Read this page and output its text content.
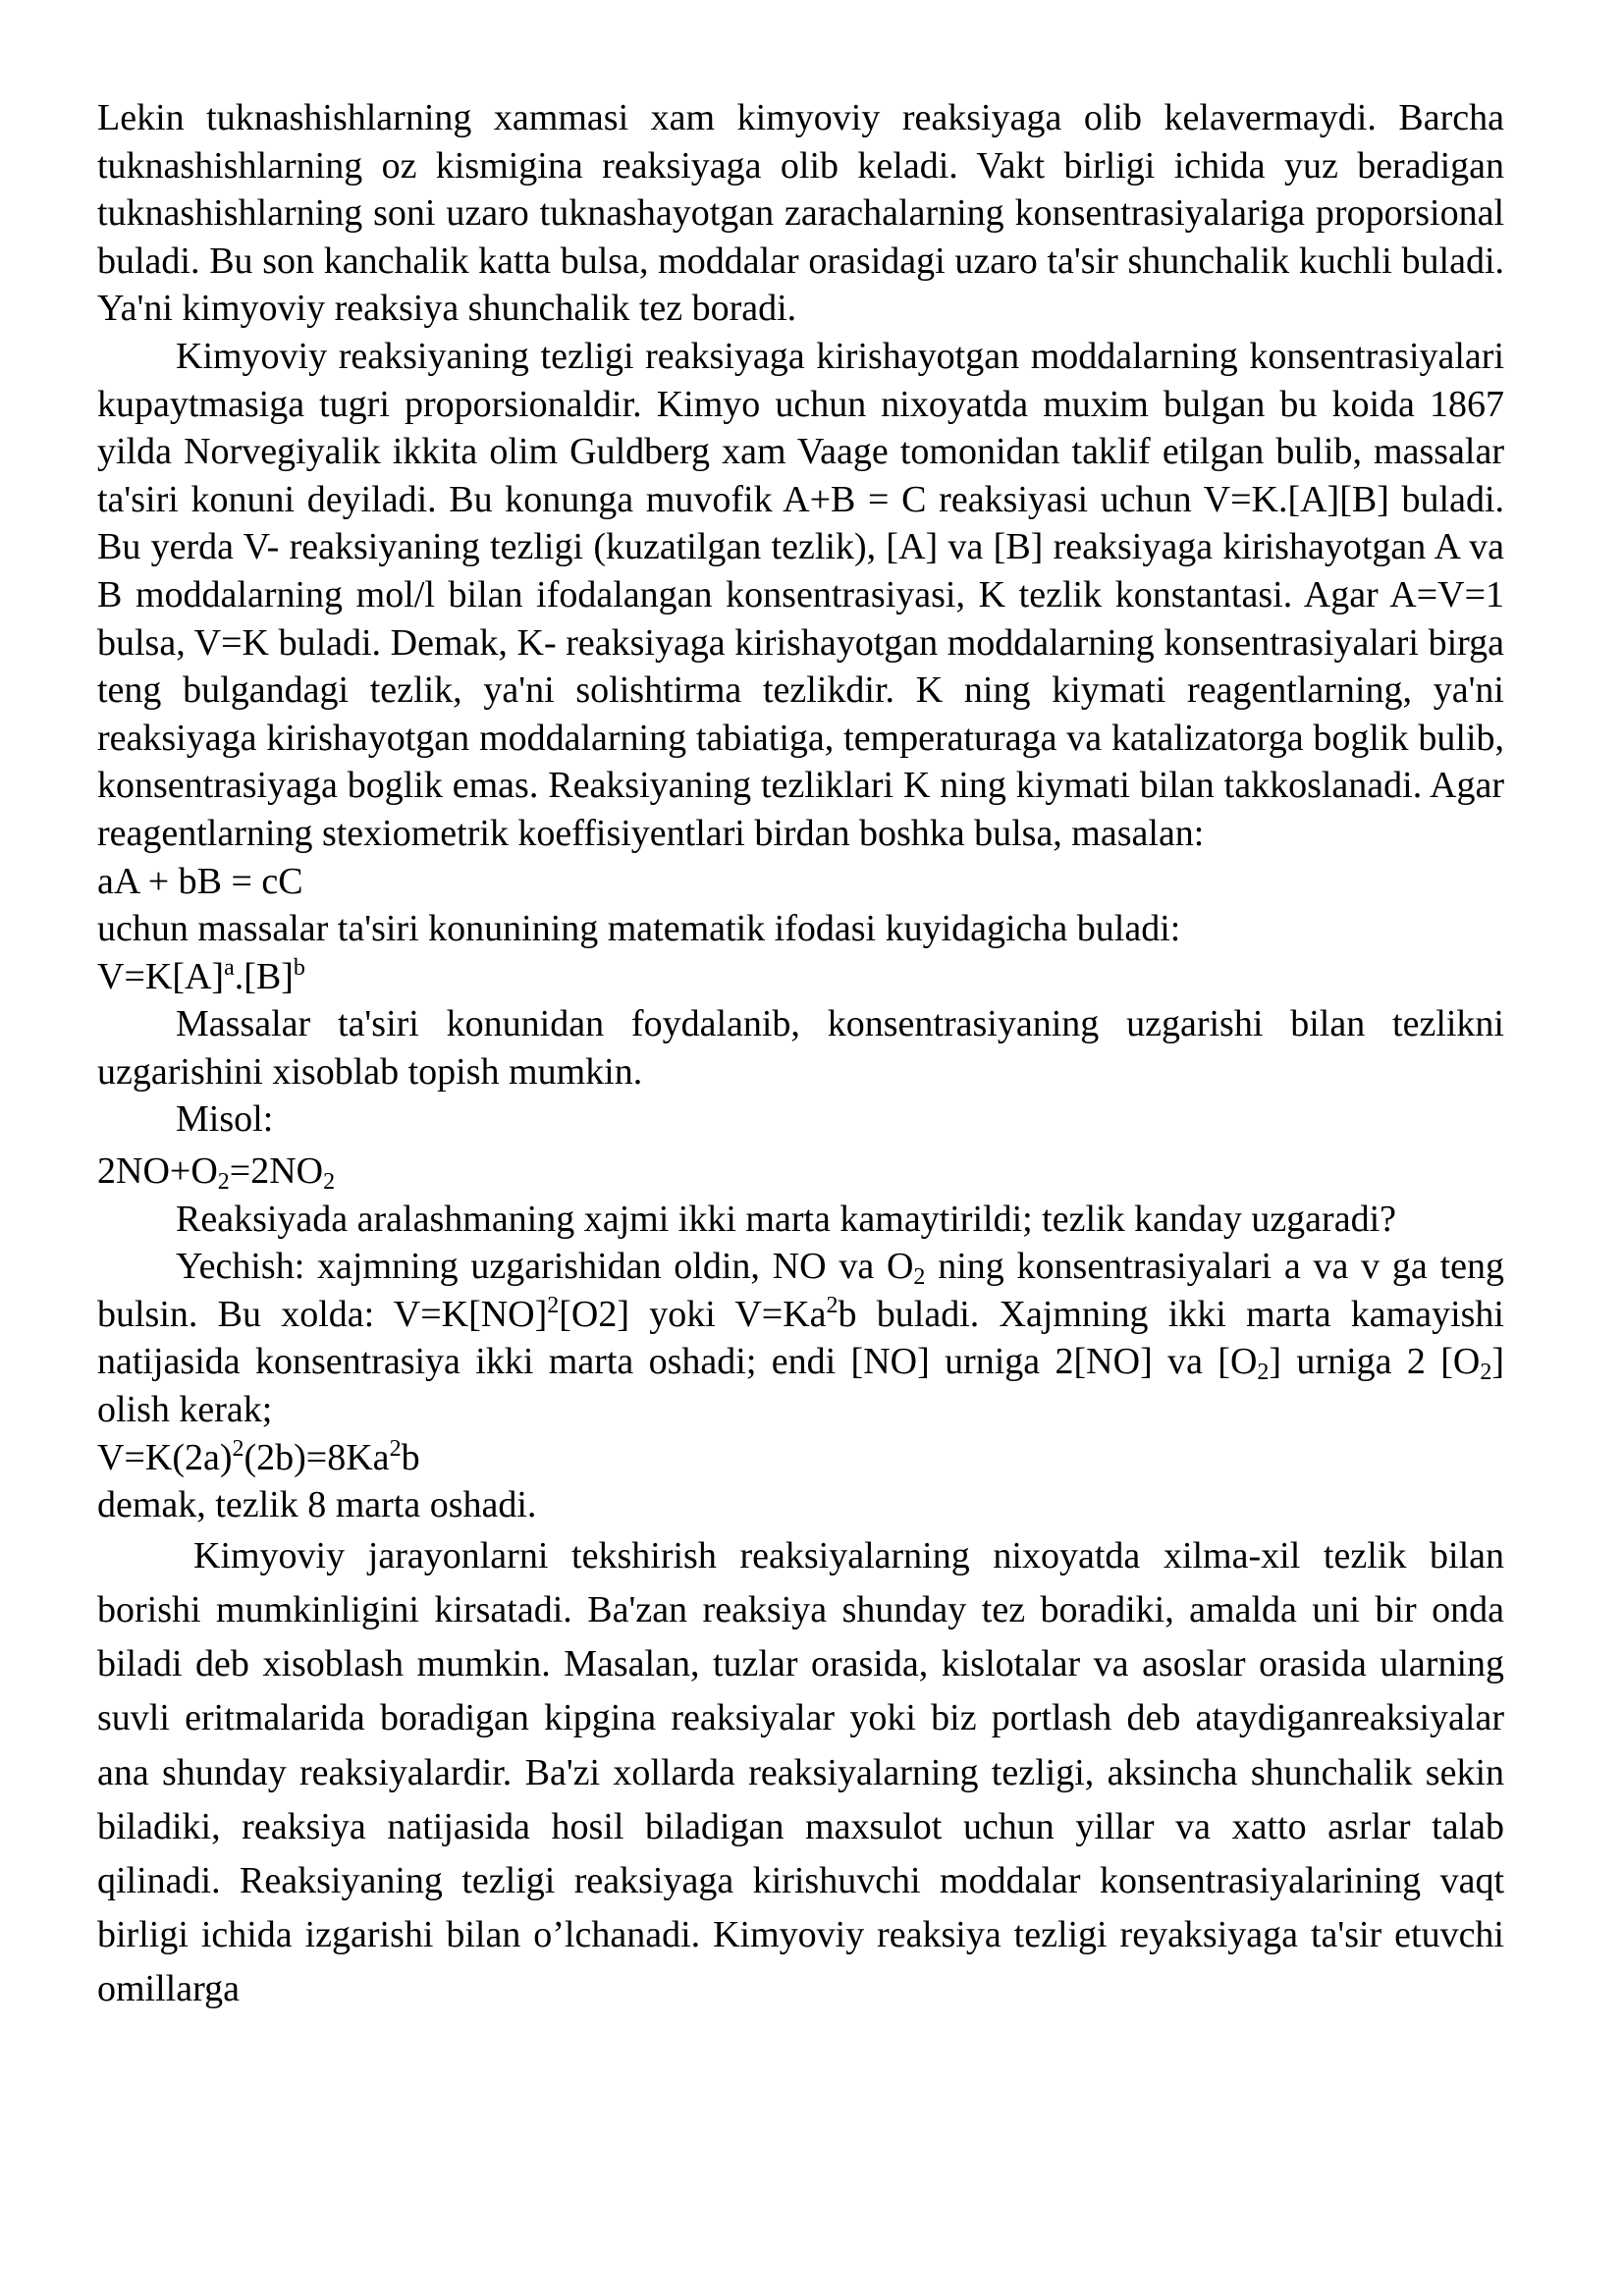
Lekin tuknashishlarning xammasi xam kimyoviy reaksiyaga olib kelavermaydi. Barcha tuknashishlarning oz kismigina reaksiyaga olib keladi. Vakt birligi ichida yuz beradigan tuknashishlarning soni uzaro tuknashayotgan zarachalarning konsentrasiyalariga proporsional buladi. Bu son kanchalik katta bulsa, moddalar orasidagi uzaro ta'sir shunchalik kuchli buladi. Ya'ni kimyoviy reaksiya shunchalik tez boradi.

Kimyoviy reaksiyaning tezligi reaksiyaga kirishayotgan moddalarning konsentrasiyalari kupaytmasiga tugri proporsionaldir. Kimyo uchun nixoyatda muxim bulgan bu koida 1867 yilda Norvegiyalik ikkita olim Guldberg xam Vaage tomonidan taklif etilgan bulib, massalar ta'siri konuni deyiladi. Bu konunga muvofik A+B = C reaksiyasi uchun V=K.[A][B] buladi. Bu yerda V- reaksiyaning tezligi (kuzatilgan tezlik), [A] va [B] reaksiyaga kirishayotgan A va B moddalarning mol/l bilan ifodalangan konsentrasiyasi, K tezlik konstantasi. Agar A=V=1 bulsa, V=K buladi. Demak, K- reaksiyaga kirishayotgan moddalarning konsentrasiyalari birga teng bulgandagi tezlik, ya'ni solishtirma tezlikdir. K ning kiymati reagentlarning, ya'ni reaksiyaga kirishayotgan moddalarning tabiatiga, temperaturaga va katalizatorga boglik bulib, konsentrasiyaga boglik emas. Reaksiyaning tezliklari K ning kiymati bilan takkoslanadi. Agar reagentlarning stexiometrik koeffisiyentlari birdan boshka bulsa, masalan:

aA + bB = cC

uchun massalar ta'siri konunining matematik ifodasi kuyidagicha buladi:

$V=K[A]^a.[B]^b$

Massalar ta'siri konunidan foydalanib, konsentrasiyaning uzgarishi bilan tezlikni uzgarishini xisoblab topish mumkin.

Misol:

$2NO+O_2=2NO_2$

Reaksiyada aralashmaning xajmi ikki marta kamaytirildi; tezlik kanday uzgaradi?

Yechish: xajmning uzgarishidan oldin, NO va $O_2$ ning konsentrasiyalari a va v ga teng bulsin. Bu xolda: V=K[NO]$^2$[O2] yoki $V=Ka^2b$ buladi. Xajmning ikki marta kamayishi natijasida konsentrasiya ikki marta oshadi; endi [NO] urniga 2[NO] va $[O_2]$ urniga 2 $[O_2]$ olish kerak;

$V=K(2a)^2(2b)=8Ka^2b$

demak, tezlik 8 marta oshadi.

Kimyoviy jarayonlarni tekshirish reaksiyalarning nixoyatda xilma-xil tezlik bilan borishi mumkinligini kirsatadi. Ba'zan reaksiya shunday tez boradiki, amalda uni bir onda biladi deb xisoblash mumkin. Masalan, tuzlar orasida, kislotalar va asoslar orasida ularning suvli eritmalarida boradigan kipgina reaksiyalar yoki biz portlash deb ataydiganreaksiyalar ana shunday reaksiyalardir. Ba'zi xollarda reaksiyalarning tezligi, aksincha shunchalik sekin biladiki, reaksiya natijasida hosil biladigan maxsulot uchun yillar va xatto asrlar talab qilinadi. Reaksiyaning tezligi reaksiyaga kirishuvchi moddalar konsentrasiyalarining vaqt birligi ichida izgarishi bilan o’lchanadi. Kimyoviy reaksiya tezligi reyaksiyaga ta'sir etuvchi omillarga
